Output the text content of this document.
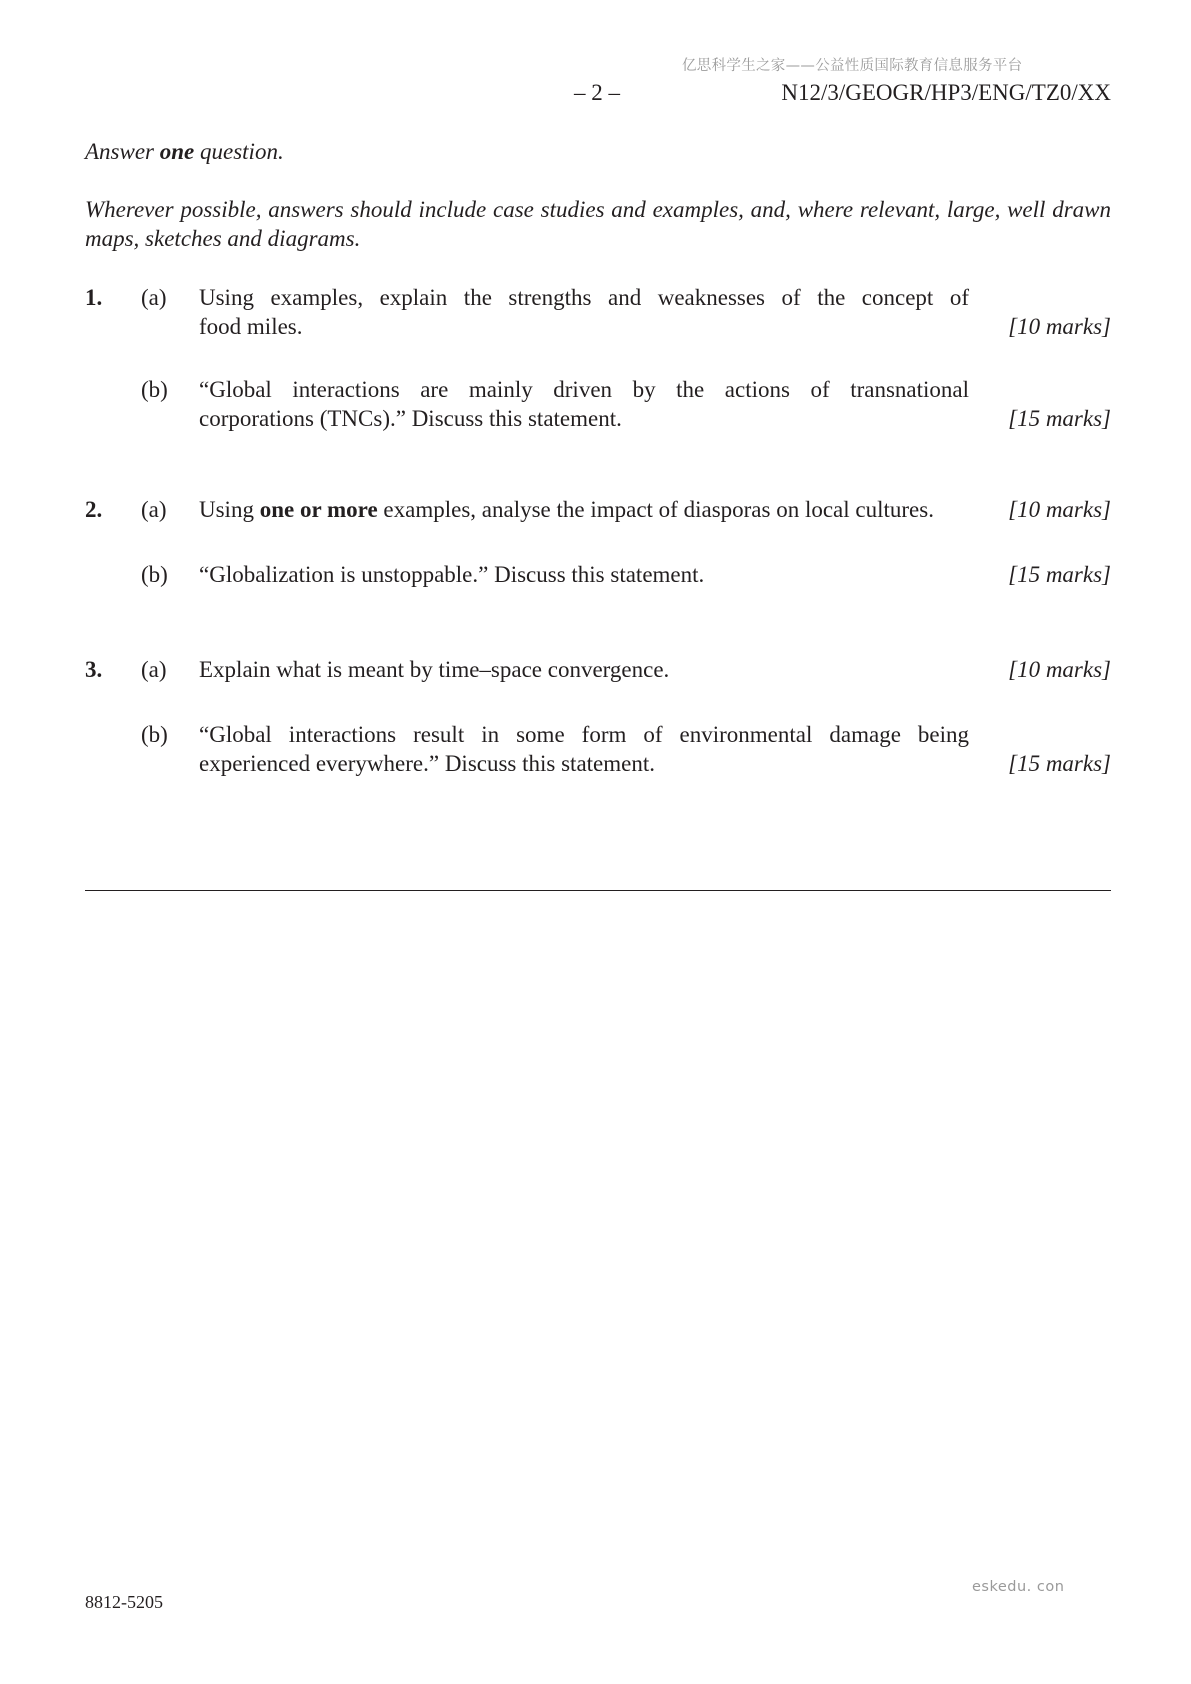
亿思科学生之家——公益性质国际教育信息服务平台
– 2 –	N12/3/GEOGR/HP3/ENG/TZ0/XX
Answer one question.
Wherever possible, answers should include case studies and examples, and, where relevant, large, well drawn maps, sketches and diagrams.
1. (a) Using examples, explain the strengths and weaknesses of the concept of
food miles.	[10 marks]
(b) “Global interactions are mainly driven by the actions of transnational
corporations (TNCs).” Discuss this statement.	[15 marks]
2. (a) Using one or more examples, analyse the impact of diasporas on local cultures.	[10 marks]
(b) “Globalization is unstoppable.” Discuss this statement.	[15 marks]
3. (a) Explain what is meant by time–space convergence.	[10 marks]
(b) “Global interactions result in some form of environmental damage being
experienced everywhere.” Discuss this statement.	[15 marks]
eskedu. con
8812-5205
